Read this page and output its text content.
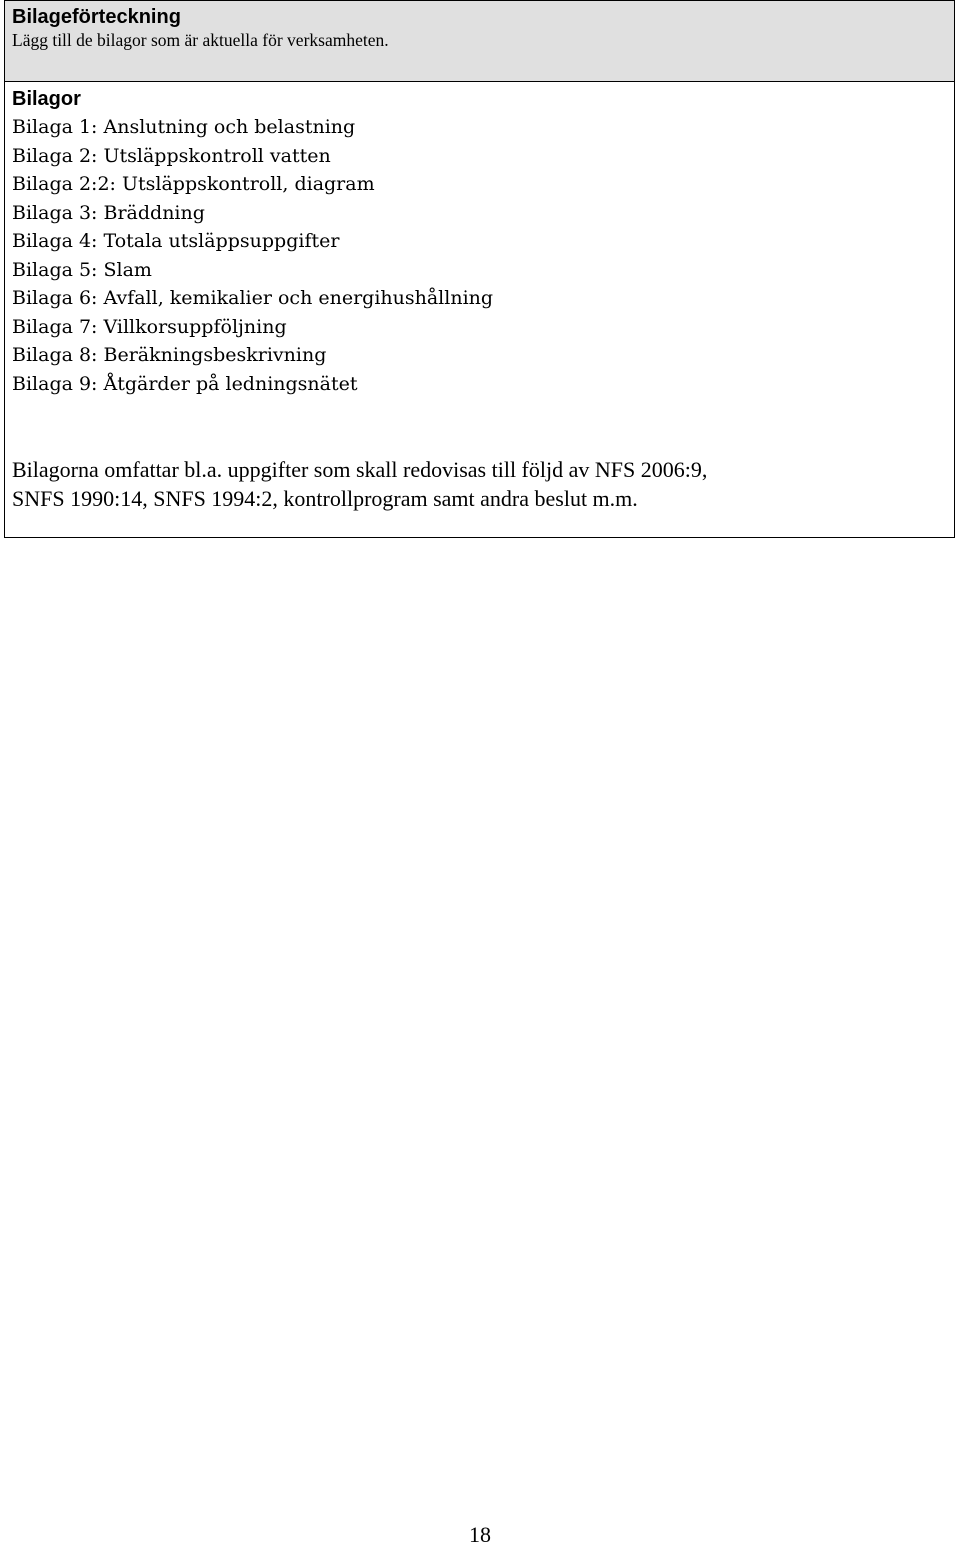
Bilageförteckning
Lägg till de bilagor som är aktuella för verksamheten.
Bilagor
Bilaga 1: Anslutning och belastning
Bilaga 2: Utsläppskontroll vatten
Bilaga 2:2: Utsläppskontroll, diagram
Bilaga 3: Bräddning
Bilaga 4: Totala utsläppsuppgifter
Bilaga 5: Slam
Bilaga 6: Avfall, kemikalier och energihushållning
Bilaga 7: Villkorsuppföljning
Bilaga 8: Beräkningsbeskrivning
Bilaga 9: Åtgärder på ledningsnätet
Bilagorna omfattar bl.a. uppgifter som skall redovisas till följd av NFS 2006:9,
SNFS 1990:14, SNFS 1994:2, kontrollprogram samt andra beslut m.m.
18
